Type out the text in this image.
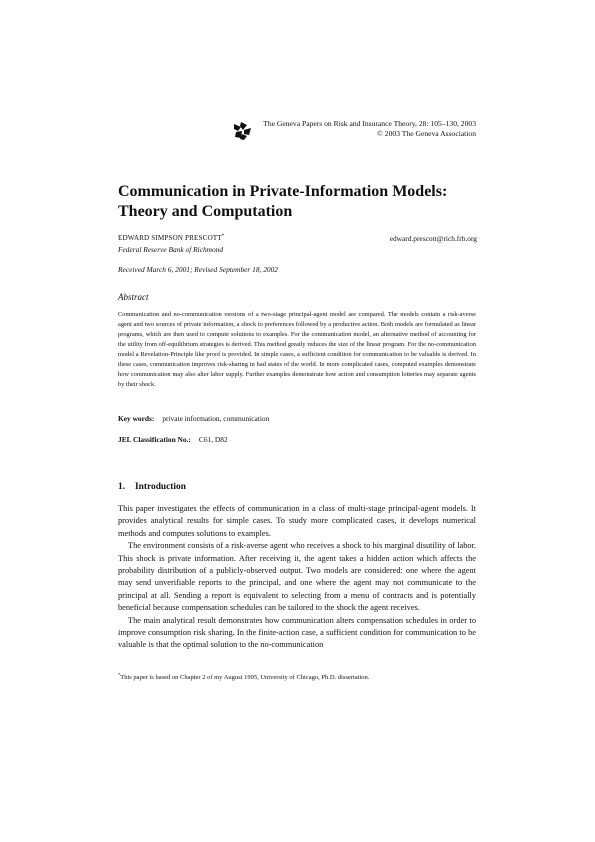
The Geneva Papers on Risk and Insurance Theory, 28: 105–130, 2003
© 2003 The Geneva Association
Communication in Private-Information Models: Theory and Computation
EDWARD SIMPSON PRESCOTT*	edward.prescott@rich.frb.org
Federal Reserve Bank of Richmond
Received March 6, 2001; Revised September 18, 2002
Abstract

Communication and no-communication versions of a two-stage principal-agent model are compared. The models contain a risk-averse agent and two sources of private information, a shock to preferences followed by a productive action. Both models are formulated as linear programs, which are then used to compute solutions to examples. For the communication model, an alternative method of accounting for the utility from off-equilibrium strategies is derived. This method greatly reduces the size of the linear program. For the no-communication model a Revelation-Principle like proof is provided. In simple cases, a sufficient condition for communication to be valuable is derived. In these cases, communication improves risk-sharing in bad states of the world. In more complicated cases, computed examples demonstrate how communication may also alter labor supply. Further examples demonstrate how action and consumption lotteries may separate agents by their shock.

Key words: private information, communication
JEL Classification No.: C61, D82
1. Introduction

This paper investigates the effects of communication in a class of multi-stage principal-agent models. It provides analytical results for simple cases. To study more complicated cases, it develops numerical methods and computes solutions to examples.

The environment consists of a risk-averse agent who receives a shock to his marginal disutility of labor. This shock is private information. After receiving it, the agent takes a hidden action which affects the probability distribution of a publicly-observed output. Two models are considered: one where the agent may send unverifiable reports to the principal, and one where the agent may not communicate to the principal at all. Sending a report is equivalent to selecting from a menu of contracts and is potentially beneficial because compensation schedules can be tailored to the shock the agent receives.

The main analytical result demonstrates how communication alters compensation schedules in order to improve consumption risk sharing. In the finite-action case, a sufficient condition for communication to be valuable is that the optimal solution to the no-communication

*This paper is based on Chapter 2 of my August 1995, University of Chicago, Ph.D. dissertation.
